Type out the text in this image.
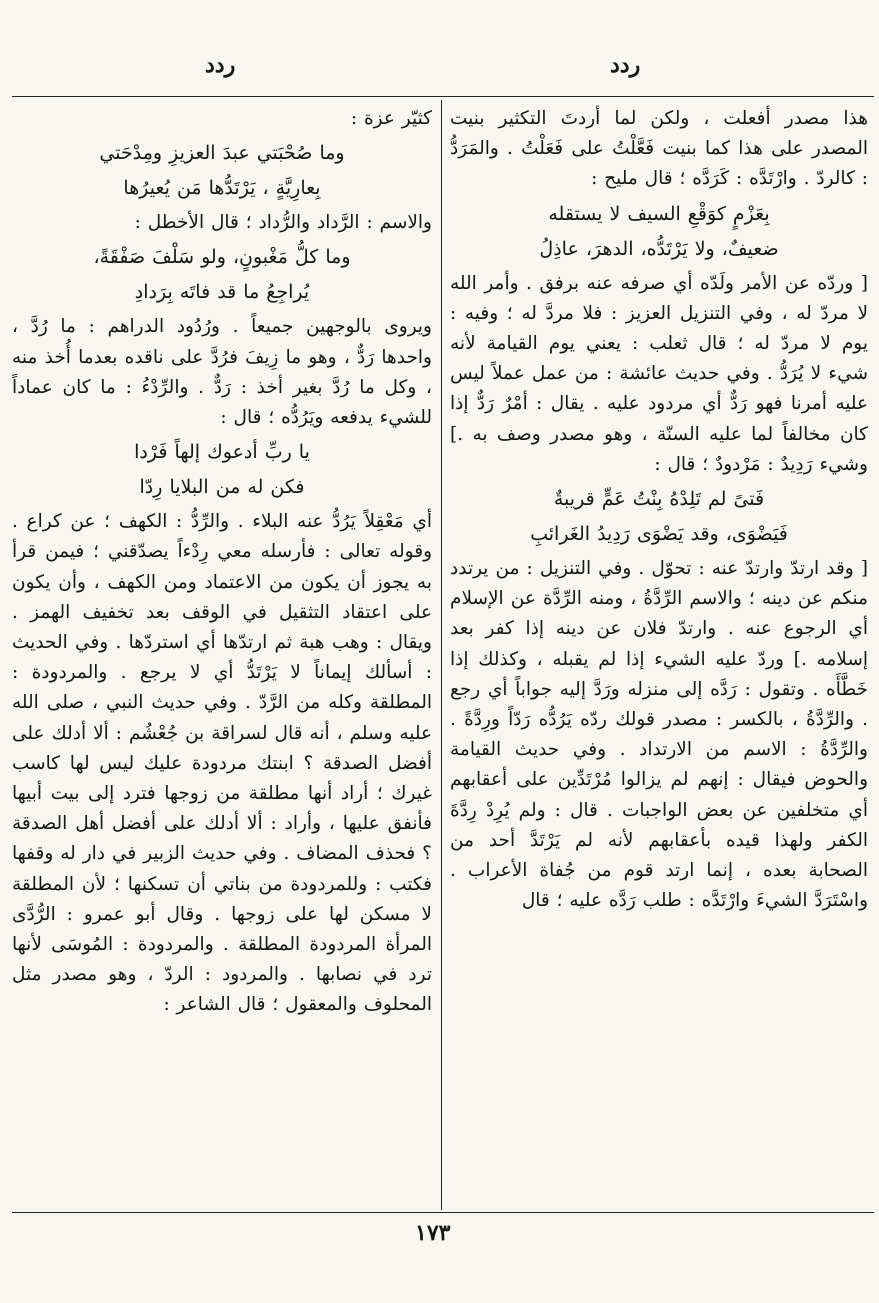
ردد
ردد

هذا مصدر أفعلت ، ولكن لما أردتَ التكثير بنيت المصدر على هذا كما بنيت فَعَّلْتُ على فَعَلْتُ . والمَرَدُّ : كالردّ . وارْتَدَّه : كَرَدَّه ؛ قال مليح :

بِعَزْمٍ كوَقْعِ السيف لا يستقله

ضعيفٌ، ولا يَرْتَدُّه، الدهرَ، عاذِلُ

[ وردّه عن الأمر ولَدّه أي صرفه عنه برفق . وأمر الله لا مردّ له ، وفي التنزيل العزيز : فلا مردَّ له ؛ وفيه : يوم لا مردّ له ؛ قال ثعلب : يعني يوم القيامة لأنه شيء لا يُرَدُّ . وفي حديث عائشة : من عمل عملاً ليس عليه أمرنا فهو رَدٌّ أي مردود عليه . يقال : أمْرٌ رَدٌّ إذا كان مخالفاً لما عليه السنّة ، وهو مصدر وصف به .] وشيء رَدِيدٌ : مَرْدودٌ ؛ قال :

فَتىً لم تَلِدْهُ بِنْتُ عَمٍّ قريبةٌ

فَيَضْوَى، وقد يَضْوَى رَدِيدُ الغَرائبِ

[ وقد ارتدّ وارتدّ عنه : تحوّل . وفي التنزيل : من يرتدد منكم عن دينه ؛ والاسم الرِّدَّةُ ، ومنه الرِّدَّة عن الإسلام أي الرجوع عنه . وارتدّ فلان عن دينه إذا كفر بعد إسلامه .] وردّ عليه الشيء إذا لم يقبله ، وكذلك إذا خَطَّأَه . وتقول : رَدَّه إلى منزله ورَدَّ إليه جواباً أي رجع . والرِّدَّةُ ، بالكسر : مصدر قولك ردّه يَرُدُّه رَدّاً ورِدَّةً . والرِّدَّةُ : الاسم من الارتداد . وفي حديث القيامة والحوض فيقال : إنهم لم يزالوا مُرْتَدِّين على أعقابهم أي متخلفين عن بعض الواجبات . قال : ولم يُرِدْ رِدَّةَ الكفر ولهذا قيده بأعقابهم لأنه لم يَرْتَدَّ أحد من الصحابة بعده ، إنما ارتد قوم من جُفاة الأعراب . واسْتَرَدَّ الشيءَ وارْتَدَّه : طلب رَدَّه عليه ؛ قال

كثيّر عزة :

وما صُحْبَتي عبدَ العزيزِ ومِدْحَتي

بِعارِيَّةٍ ، يَرْتَدُّها مَن يُعيرُها

والاسم : الرَّداد والرُّداد ؛ قال الأخطل :

وما كلُّ مَغْبونٍ، ولو سَلْفَ صَفْقَةً،

يُراجِعُ ما قد فاتَه بِرَدادِ

ويروى بالوجهين جميعاً . ورُدُود الدراهم : ما رُدَّ ، واحدها رَدٌّ ، وهو ما زِيفَ فرُدَّ على ناقده بعدما أُخذ منه ، وكل ما رُدَّ بغير أخذ : رَدٌّ . والرِّدْءُ : ما كان عماداً للشيء يدفعه ويَرُدُّه ؛ قال :

يا ربِّ أدعوك إلهاً فَرْدا

فكن له من البلايا رِدّا

أي مَعْقِلاً يَرُدُّ عنه البلاء . والرِّدُّ : الكهف ؛ عن كراع . وقوله تعالى : فأرسله معي رِدْءاً يصدّقني ؛ فيمن قرأ به يجوز أن يكون من الاعتماد ومن الكهف ، وأن يكون على اعتقاد التثقيل في الوقف بعد تخفيف الهمز . ويقال : وهب هبة ثم ارتدّها أي استردّها . وفي الحديث : أسألك إيماناً لا يَرْتَدُّ أي لا يرجع . والمردودة : المطلقة وكله من الرَّدّ . وفي حديث النبي ، صلى الله عليه وسلم ، أنه قال لسراقة بن جُعْشُم : ألا أدلك على أفضل الصدقة ؟ ابنتك مردودة عليك ليس لها كاسب غيرك ؛ أراد أنها مطلقة من زوجها فترد إلى بيت أبيها فأنفق عليها ، وأراد : ألا أدلك على أفضل أهل الصدقة ؟ فحذف المضاف . وفي حديث الزبير في دار له وقفها فكتب : وللمردودة من بناتي أن تسكنها ؛ لأن المطلقة لا مسكن لها على زوجها . وقال أبو عمرو : الرُّدَّى المرأة المردودة المطلقة . والمردودة : المُوسَى لأنها ترد في نصابها . والمردود : الردّ ، وهو مصدر مثل المحلوف والمعقول ؛ قال الشاعر :

١٧٣
